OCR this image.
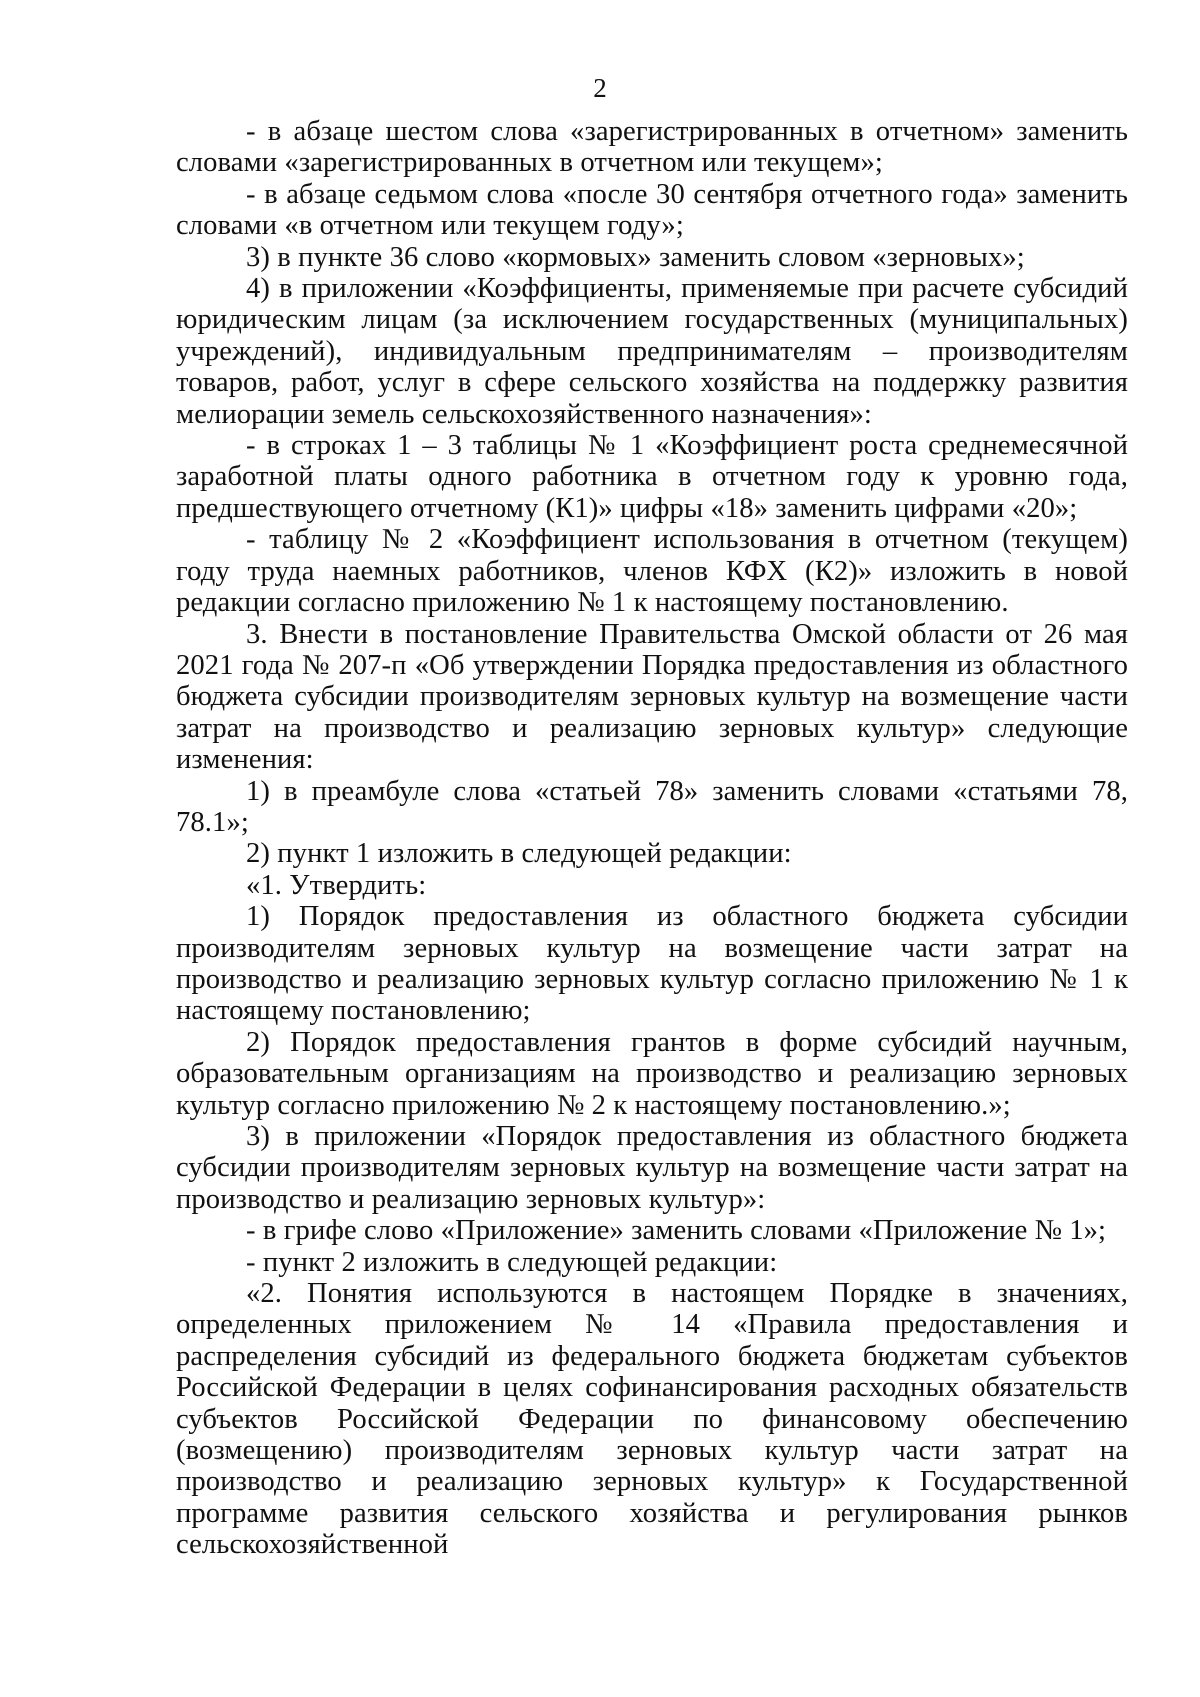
2

- в абзаце шестом слова «зарегистрированных в отчетном» заменить словами «зарегистрированных в отчетном или текущем»;

- в абзаце седьмом слова «после 30 сентября отчетного года» заменить словами «в отчетном или текущем году»;

3) в пункте 36 слово «кормовых» заменить словом «зерновых»;

4) в приложении «Коэффициенты, применяемые при расчете субсидий юридическим лицам (за исключением государственных (муниципальных) учреждений), индивидуальным предпринимателям – производителям товаров, работ, услуг в сфере сельского хозяйства на поддержку развития мелиорации земель сельскохозяйственного назначения»:

- в строках 1 – 3 таблицы № 1 «Коэффициент роста среднемесячной заработной платы одного работника в отчетном году к уровню года, предшествующего отчетному (К1)» цифры «18» заменить цифрами «20»;

- таблицу № 2 «Коэффициент использования в отчетном (текущем) году труда наемных работников, членов КФХ (К2)» изложить в новой редакции согласно приложению № 1 к настоящему постановлению.

3. Внести в постановление Правительства Омской области от 26 мая 2021 года № 207-п «Об утверждении Порядка предоставления из областного бюджета субсидии производителям зерновых культур на возмещение части затрат на производство и реализацию зерновых культур» следующие изменения:

1) в преамбуле слова «статьей 78» заменить словами «статьями 78, 78.1»;

2) пункт 1 изложить в следующей редакции:

«1. Утвердить:

1) Порядок предоставления из областного бюджета субсидии производителям зерновых культур на возмещение части затрат на производство и реализацию зерновых культур согласно приложению № 1 к настоящему постановлению;

2) Порядок предоставления грантов в форме субсидий научным, образовательным организациям на производство и реализацию зерновых культур согласно приложению № 2 к настоящему постановлению.»;

3) в приложении «Порядок предоставления из областного бюджета субсидии производителям зерновых культур на возмещение части затрат на производство и реализацию зерновых культур»:

- в грифе слово «Приложение» заменить словами «Приложение № 1»;

- пункт 2 изложить в следующей редакции:

«2. Понятия используются в настоящем Порядке в значениях, определенных приложением № 14 «Правила предоставления и распределения субсидий из федерального бюджета бюджетам субъектов Российской Федерации в целях софинансирования расходных обязательств субъектов Российской Федерации по финансовому обеспечению (возмещению) производителям зерновых культур части затрат на производство и реализацию зерновых культур» к Государственной программе развития сельского хозяйства и регулирования рынков сельскохозяйственной
